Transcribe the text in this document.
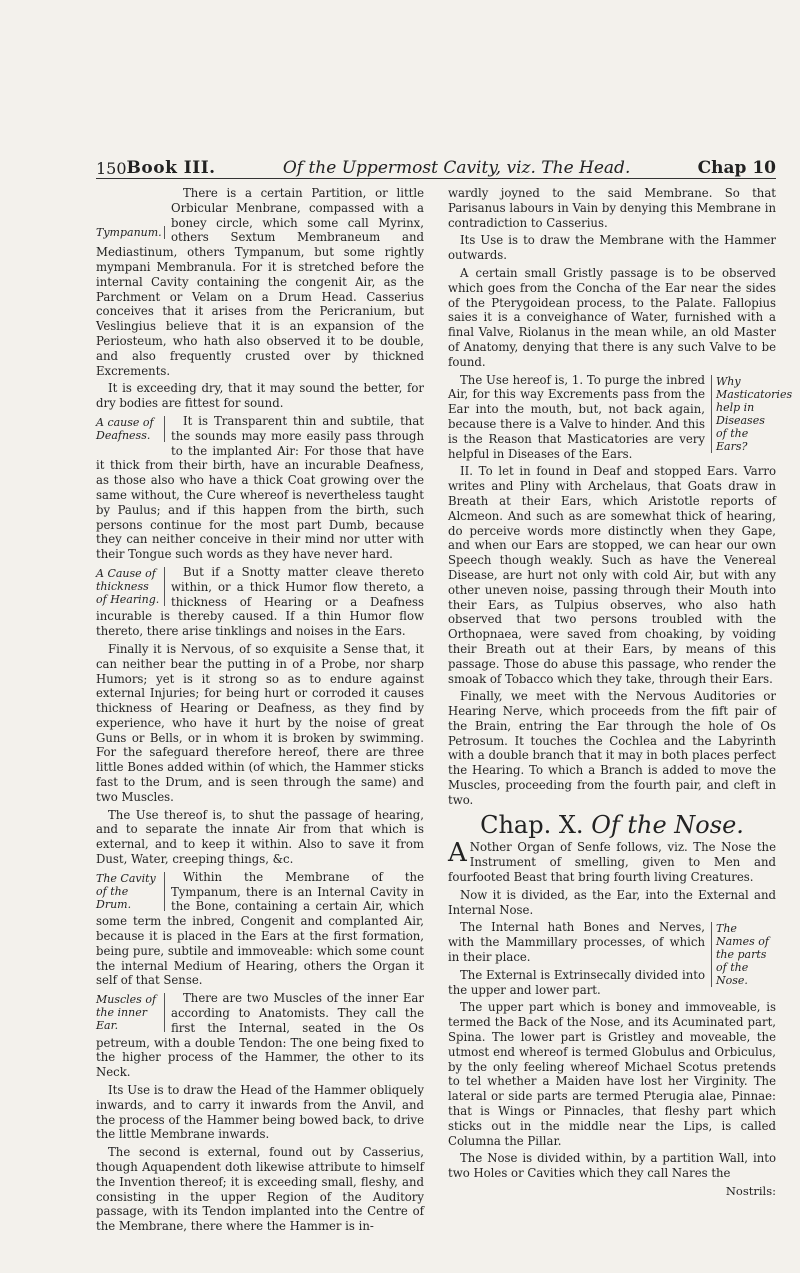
150 Book III.	Of the Uppermost Cavity, viz. The Head.	Chap 10
Tympanum.

There is a certain Partition, or little Orbicular Menbrane, compassed with a boney circle, which some call Myrinx, others Sextum Membraneum and Mediastinum, others Tympanum, but some rightly mympani Membranula. For it is stretched before the internal Cavity containing the congenit Air, as the Parchment or Velam on a Drum Head. Casserius conceives that it arises from the Pericranium, but Veslingius believe that it is an expansion of the Periosteum, who hath also observed it to be double, and also frequently crusted over by thickned Excrements.

It is exceeding dry, that it may sound the better, for dry bodies are fittest for sound.

A cause of Deafness.

It is Transparent thin and subtile, that the sounds may more easily pass through to the implanted Air: For those that have it thick from their birth, have an incurable Deafness, as those also who have a thick Coat growing over the same without, the Cure whereof is nevertheless taught by Paulus; and if this happen from the birth, such persons continue for the most part Dumb, because they can neither conceive in their mind nor utter with their Tongue such words as they have never hard.

A Cause of thickness of Hearing.

But if a Snotty matter cleave thereto within, or a thick Humor flow thereto, a thickness of Hearing or a Deafness incurable is thereby caused. If a thin Humor flow thereto, there arise tinklings and noises in the Ears.

Finally it is Nervous, of so exquisite a Sense that, it can neither bear the putting in of a Probe, nor sharp Humors; yet is it strong so as to endure against external Injuries; for being hurt or corroded it causes thickness of Hearing or Deafness, as they find by experience, who have it hurt by the noise of great Guns or Bells, or in whom it is broken by swimming. For the safeguard therefore hereof, there are three little Bones added within (of which, the Hammer sticks fast to the Drum, and is seen through the same) and two Muscles.

The Use thereof is, to shut the passage of hearing, and to separate the innate Air from that which is external, and to keep it within. Also to save it from Dust, Water, creeping things, &c.

The Cavity of the Drum.

Within the Membrane of the Tympanum, there is an Internal Cavity in the Bone, containing a certain Air, which some term the inbred, Congenit and complanted Air, because it is placed in the Ears at the first formation, being pure, subtile and immoveable: which some count the internal Medium of Hearing, others the Organ it self of that Sense.

Muscles of the inner Ear.

There are two Muscles of the inner Ear according to Anatomists. They call the first the Internal, seated in the Os petreum, with a double Tendon: The one being fixed to the higher process of the Hammer, the other to its Neck.

Its Use is to draw the Head of the Hammer obliquely inwards, and to carry it inwards from the Anvil, and the process of the Hammer being bowed back, to drive the little Membrane inwards.

The second is external, found out by Casserius, though Aquapendent doth likewise attribute to himself the Invention thereof; it is exceeding small, fleshy, and consisting in the upper Region of the Auditory passage, with its Tendon implanted into the Centre of the Membrane, there where the Hammer is in-

wardly joyned to the said Membrane. So that Parisanus labours in Vain by denying this Membrane in contradiction to Casserius.

Its Use is to draw the Membrane with the Hammer outwards.

A certain small Gristly passage is to be observed which goes from the Concha of the Ear near the sides of the Pterygoidean process, to the Palate. Fallopius saies it is a conveighance of Water, furnished with a final Valve, Riolanus in the mean while, an old Master of Anatomy, denying that there is any such Valve to be found.

Why Masticatories help in Diseases of the Ears?

The Use hereof is, 1. To purge the inbred Air, for this way Excrements pass from the Ear into the mouth, but, not back again, because there is a Valve to hinder. And this is the Reason that Masticatories are very helpful in Diseases of the Ears.

II. To let in found in Deaf and stopped Ears. Varro writes and Pliny with Archelaus, that Goats draw in Breath at their Ears, which Aristotle reports of Alcmeon. And such as are somewhat thick of hearing, do perceive words more distinctly when they Gape, and when our Ears are stopped, we can hear our own Speech though weakly. Such as have the Venereal Disease, are hurt not only with cold Air, but with any other uneven noise, passing through their Mouth into their Ears, as Tulpius observes, who also hath observed that two persons troubled with the Orthopnaea, were saved from choaking, by voiding their Breath out at their Ears, by means of this passage. Those do abuse this passage, who render the smoak of Tobacco which they take, through their Ears.

Finally, we meet with the Nervous Auditories or Hearing Nerve, which proceeds from the fift pair of the Brain, entring the Ear through the hole of Os Petrosum. It touches the Cochlea and the Labyrinth with a double branch that it may in both places perfect the Hearing. To which a Branch is added to move the Muscles, proceeding from the fourth pair, and cleft in two.

Chap. X. Of the Nose.

A Nother Organ of Senfe follows, viz. The Nose the Instrument of smelling, given to Men and fourfooted Beast that bring fourth living Creatures.

Now it is divided, as the Ear, into the External and Internal Nose.

The Names of the parts of the Nose.

The Internal hath Bones and Nerves, with the Mammillary processes, of which in their place.

The External is Extrinsecally divided into the upper and lower part.

The upper part which is boney and immoveable, is termed the Back of the Nose, and its Acuminated part, Spina. The lower part is Gristley and moveable, the utmost end whereof is termed Globulus and Orbiculus, by the only feeling whereof Michael Scotus pretends to tel whether a Maiden have lost her Virginity. The lateral or side parts are termed Pterugia alae, Pinnae: that is Wings or Pinnacles, that fleshy part which sticks out in the middle near the Lips, is called Columna the Pillar.

The Nose is divided within, by a partition Wall, into two Holes or Cavities which they call Nares the

Nostrils:
